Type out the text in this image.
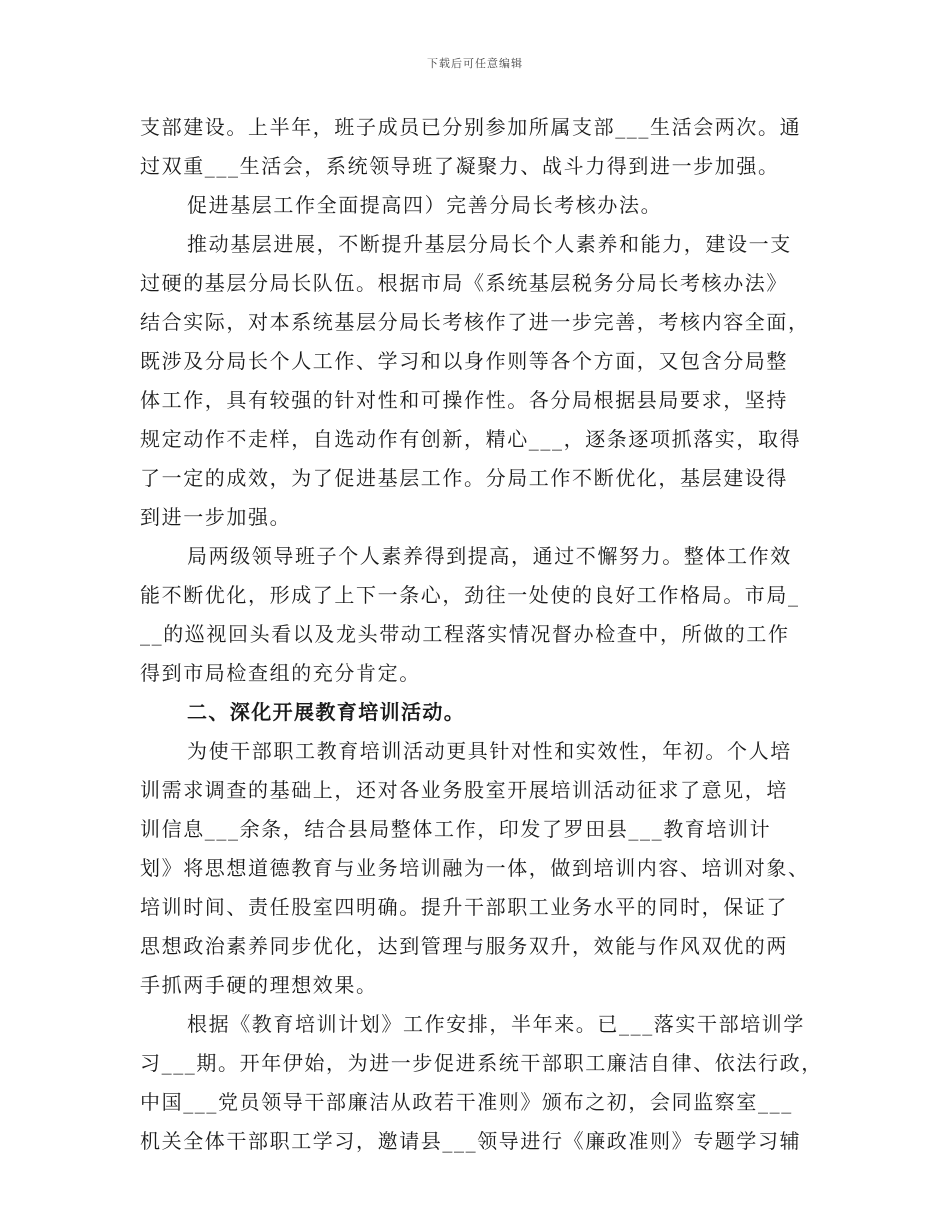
下载后可任意编辑
支部建设。上半年，班子成员已分别参加所属支部___生活会两次。通
过双重___生活会，系统领导班了凝聚力、战斗力得到进一步加强。
促进基层工作全面提高四）完善分局长考核办法。
推动基层进展，不断提升基层分局长个人素养和能力，建设一支
过硬的基层分局长队伍。根据市局《系统基层税务分局长考核办法》
结合实际，对本系统基层分局长考核作了进一步完善，考核内容全面，
既涉及分局长个人工作、学习和以身作则等各个方面，又包含分局整
体工作，具有较强的针对性和可操作性。各分局根据县局要求，坚持
规定动作不走样，自选动作有创新，精心___，逐条逐项抓落实，取得
了一定的成效，为了促进基层工作。分局工作不断优化，基层建设得
到进一步加强。
局两级领导班子个人素养得到提高，通过不懈努力。整体工作效
能不断优化，形成了上下一条心，劲往一处使的良好工作格局。市局_
__的巡视回头看以及龙头带动工程落实情况督办检查中，所做的工作
得到市局检查组的充分肯定。
二、深化开展教育培训活动。
为使干部职工教育培训活动更具针对性和实效性，年初。个人培
训需求调查的基础上，还对各业务股室开展培训活动征求了意见，培
训信息___余条，结合县局整体工作，印发了罗田县___教育培训计
划》将思想道德教育与业务培训融为一体，做到培训内容、培训对象、
培训时间、责任股室四明确。提升干部职工业务水平的同时，保证了
思想政治素养同步优化，达到管理与服务双升，效能与作风双优的两
手抓两手硬的理想效果。
根据《教育培训计划》工作安排，半年来。已___落实干部培训学
习___期。开年伊始，为进一步促进系统干部职工廉洁自律、依法行政，
中国___党员领导干部廉洁从政若干准则》颁布之初，会同监察室___
机关全体干部职工学习，邀请县___领导进行《廉政准则》专题学习辅
